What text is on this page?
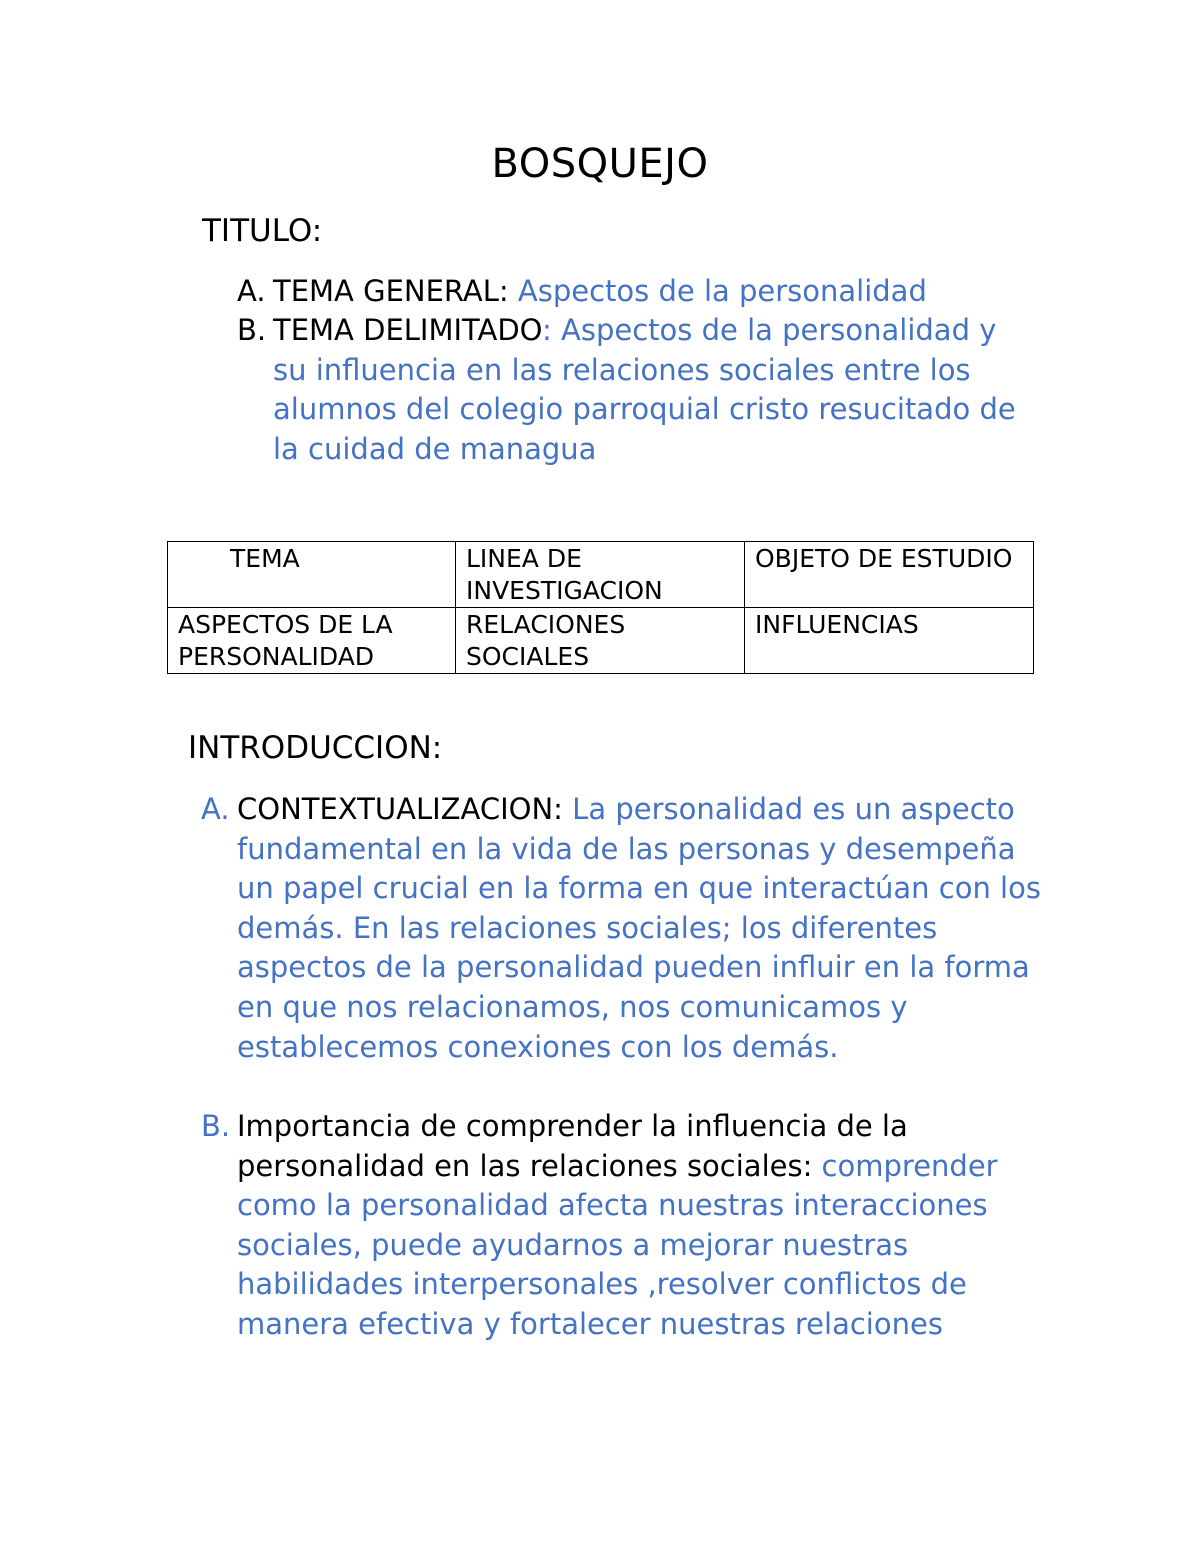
BOSQUEJO
TITULO:
A. TEMA GENERAL: Aspectos de la personalidad
B. TEMA DELIMITADO: Aspectos de la personalidad y su influencia en las relaciones sociales entre los alumnos del colegio parroquial cristo resucitado de la cuidad de managua
TEMA	LINEA DE INVESTIGACION	OBJETO DE ESTUDIO
ASPECTOS DE LA PERSONALIDAD	RELACIONES SOCIALES	INFLUENCIAS
INTRODUCCION:
A. CONTEXTUALIZACION: La personalidad es un aspecto fundamental en la vida de las personas y desempeña un papel crucial en la forma en que interactúan con los demás. En las relaciones sociales; los diferentes aspectos de la personalidad pueden influir en la forma en que nos relacionamos, nos comunicamos y establecemos conexiones con los demás.
B. Importancia de comprender la influencia de la personalidad en las relaciones sociales: comprender como la personalidad afecta nuestras interacciones sociales, puede ayudarnos a mejorar nuestras habilidades interpersonales ,resolver conflictos de manera efectiva y fortalecer nuestras relaciones
